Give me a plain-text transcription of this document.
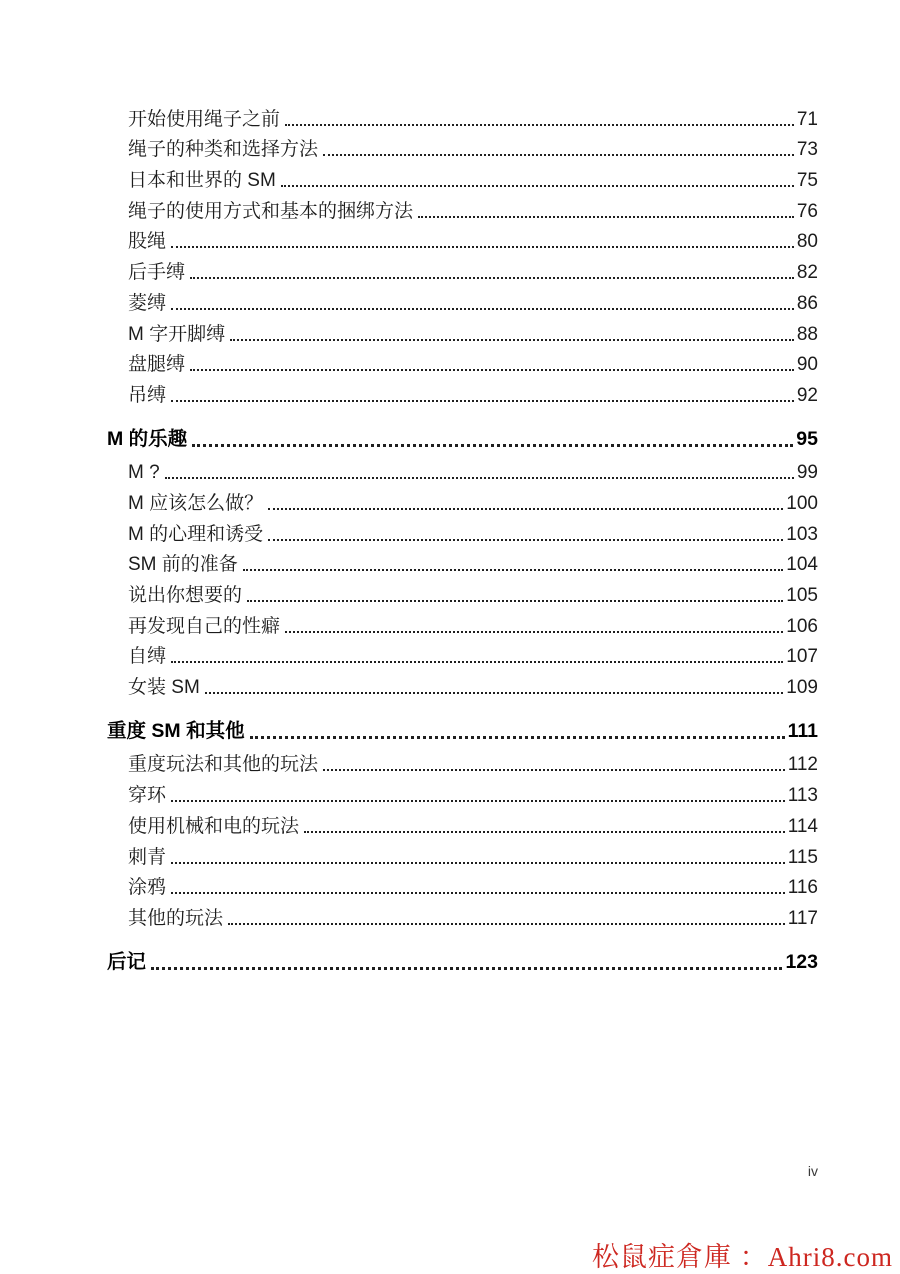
开始使用绳子之前	71
绳子的种类和选择方法	73
日本和世界的 SM	75
绳子的使用方式和基本的捆绑方法	76
股绳	80
后手缚	82
菱缚	86
M 字开脚缚	88
盘腿缚	90
吊缚	92
M 的乐趣	95
M ?	99
M 应该怎么做？	100
M 的心理和诱受	103
SM 前的准备	104
说出你想要的	105
再发现自己的性癖	106
自缚	107
女装 SM	109
重度 SM 和其他	111
重度玩法和其他的玩法	112
穿环	113
使用机械和电的玩法	114
刺青	115
涂鸦	116
其他的玩法	117
后记	123
iv
松鼠症倉庫 ：Ahri8.com
